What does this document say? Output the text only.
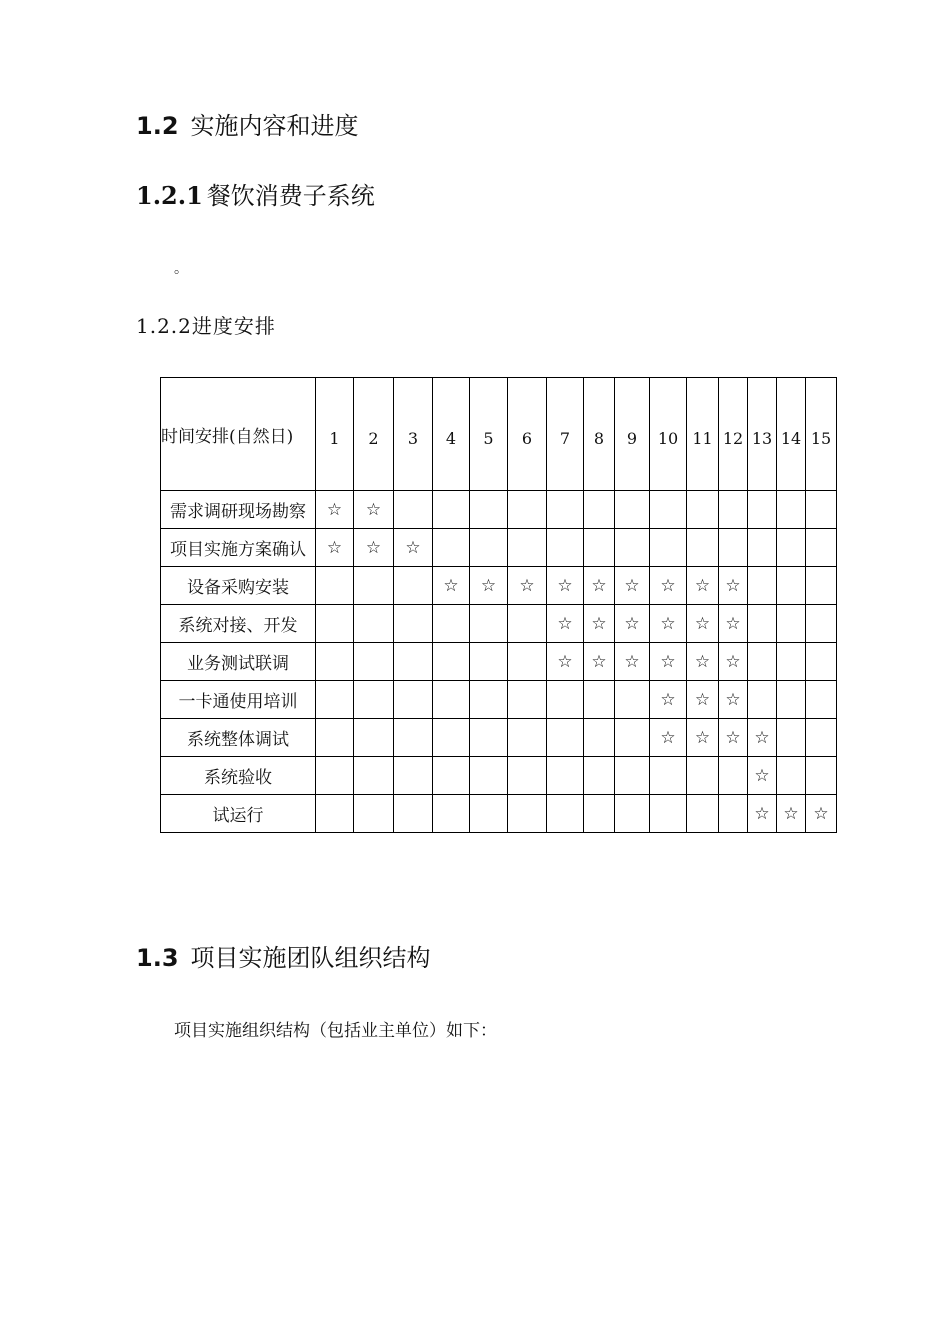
1.2 实施内容和进度
1.2.1 餐饮消费子系统
。
1.2.2进度安排
时间安排(自然日)	1	2	3	4	5	6	7	8	9	10	11	12	13	14	15
需求调研现场勘察	☆	☆													
项目实施方案确认	☆	☆	☆												
设备采购安装				☆	☆	☆	☆	☆	☆	☆	☆	☆			
系统对接、开发							☆	☆	☆	☆	☆	☆			
业务测试联调							☆	☆	☆	☆	☆	☆			
一卡通使用培训										☆	☆	☆			
系统整体调试										☆	☆	☆	☆		
系统验收													☆		
试运行													☆	☆	☆
1.3 项目实施团队组织结构

项目实施组织结构（包括业主单位）如下：
